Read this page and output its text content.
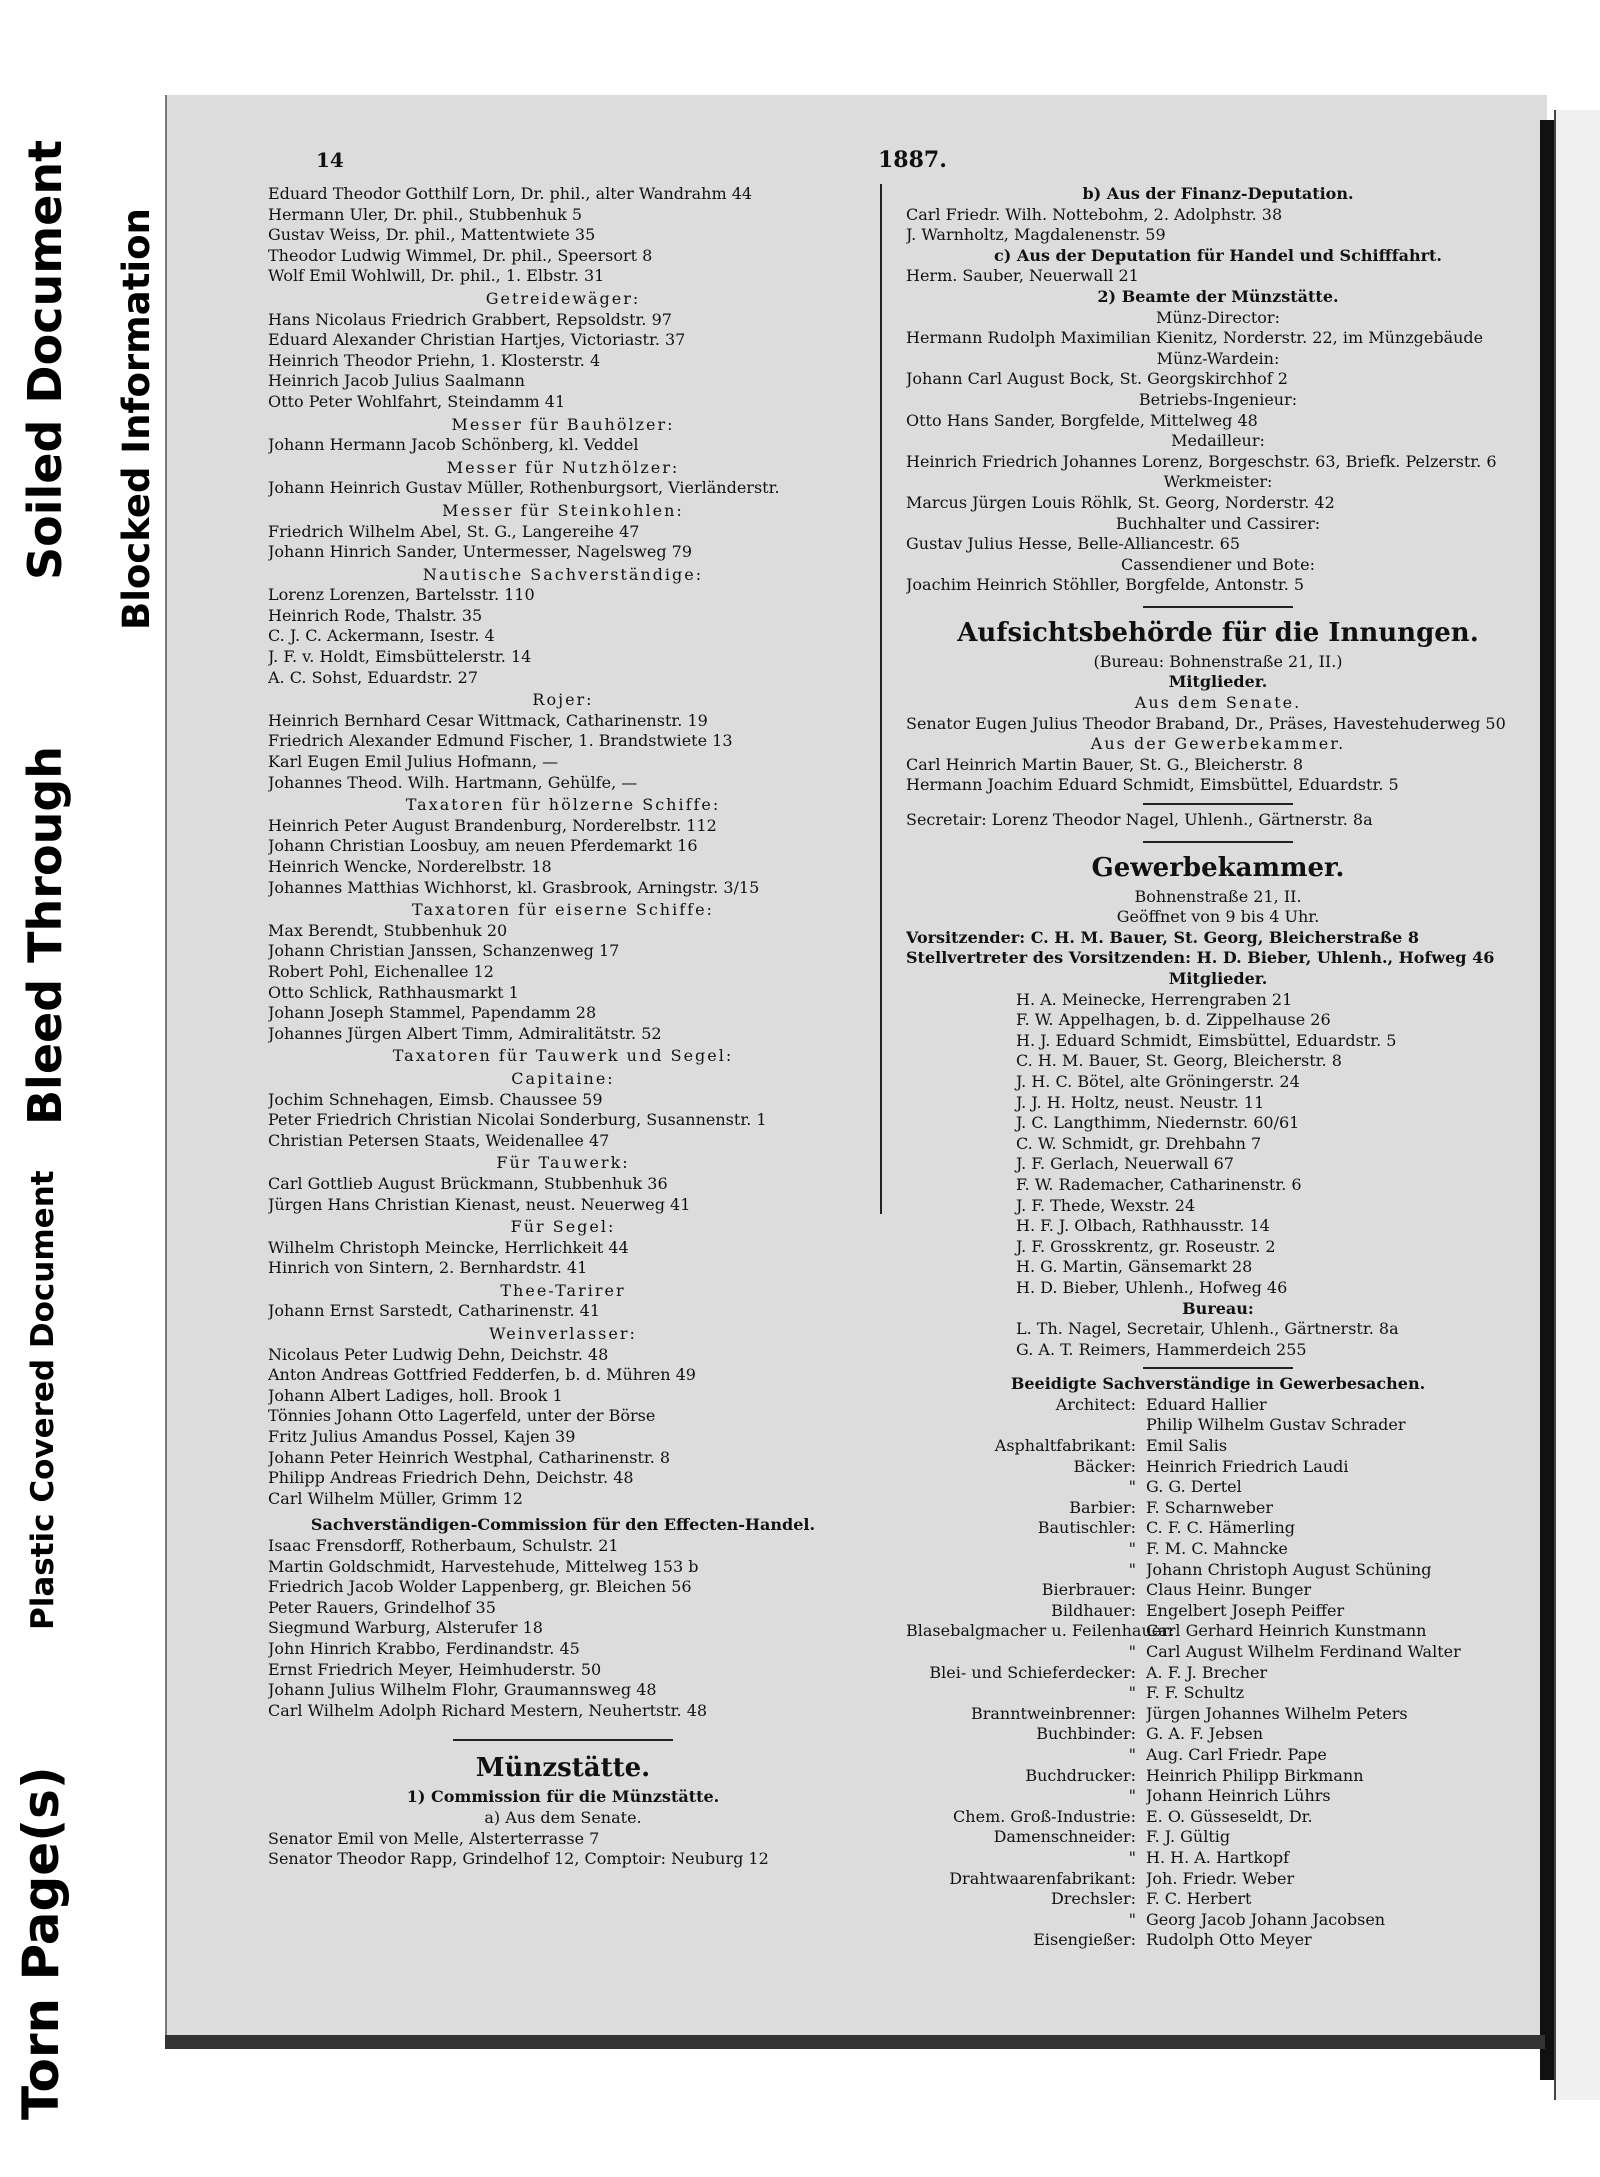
Torn Page(s)
Plastic Covered Document
Bleed Through
Soiled Document Blocked Information
14	1887.
Eduard Theodor Gotthilf Lorn, Dr. phil., alter Wandrahm 44
Hermann Uler, Dr. phil., Stubbenhuk 5
Gustav Weiss, Dr. phil., Mattentwiete 35
Theodor Ludwig Wimmel, Dr. phil., Speersort 8
Wolf Emil Wohlwill, Dr. phil., 1. Elbstr. 31
Getreidewäger:
Hans Nicolaus Friedrich Grabbert, Repsoldstr. 97
Eduard Alexander Christian Hartjes, Victoriastr. 37
Heinrich Theodor Priehn, 1. Klosterstr. 4
Heinrich Jacob Julius Saalmann
Otto Peter Wohlfahrt, Steindamm 41
Messer für Bauhölzer:
Johann Hermann Jacob Schönberg, kl. Veddel
Messer für Nutzhölzer:
Johann Heinrich Gustav Müller, Rothenburgsort, Vierländerstr.
Messer für Steinkohlen:
Friedrich Wilhelm Abel, St. G., Langereihe 47
Johann Hinrich Sander, Untermesser, Nagelsweg 79
Nautische Sachverständige:
Lorenz Lorenzen, Bartelsstr. 110
Heinrich Rode, Thalstr. 35
C. J. C. Ackermann, Isestr. 4
J. F. v. Holdt, Eimsbüttelerstr. 14
A. C. Sohst, Eduardstr. 27
Rojer:
Heinrich Bernhard Cesar Wittmack, Catharinenstr. 19
Friedrich Alexander Edmund Fischer, 1. Brandstwiete 13
Karl Eugen Emil Julius Hofmann, —
Johannes Theod. Wilh. Hartmann, Gehülfe, —
Taxatoren für hölzerne Schiffe:
Heinrich Peter August Brandenburg, Norderelbstr. 112
Johann Christian Loosbuy, am neuen Pferdemarkt 16
Heinrich Wencke, Norderelbstr. 18
Johannes Matthias Wichhorst, kl. Grasbrook, Arningstr. 3/15
Taxatoren für eiserne Schiffe:
Max Berendt, Stubbenhuk 20
Johann Christian Janssen, Schanzenweg 17
Robert Pohl, Eichenallee 12
Otto Schlick, Rathhausmarkt 1
Johann Joseph Stammel, Papendamm 28
Johannes Jürgen Albert Timm, Admiralitätstr. 52
Taxatoren für Tauwerk und Segel:
Capitaine:
Jochim Schnehagen, Eimsb. Chaussee 59
Peter Friedrich Christian Nicolai Sonderburg, Susannenstr. 1
Christian Petersen Staats, Weidenallee 47
Für Tauwerk:
Carl Gottlieb August Brückmann, Stubbenhuk 36
Jürgen Hans Christian Kienast, neust. Neuerweg 41
Für Segel:
Wilhelm Christoph Meincke, Herrlichkeit 44
Hinrich von Sintern, 2. Bernhardstr. 41
Thee-Tarirer
Johann Ernst Sarstedt, Catharinenstr. 41
Weinverlasser:
Nicolaus Peter Ludwig Dehn, Deichstr. 48
Anton Andreas Gottfried Fedderfen, b. d. Mühren 49
Johann Albert Ladiges, holl. Brook 1
Tönnies Johann Otto Lagerfeld, unter der Börse
Fritz Julius Amandus Possel, Kajen 39
Johann Peter Heinrich Westphal, Catharinenstr. 8
Philipp Andreas Friedrich Dehn, Deichstr. 48
Carl Wilhelm Müller, Grimm 12
Sachverständigen-Commission für den Effecten-Handel.
Isaac Frensdorff, Rotherbaum, Schulstr. 21
Martin Goldschmidt, Harvestehude, Mittelweg 153 b
Friedrich Jacob Wolder Lappenberg, gr. Bleichen 56
Peter Rauers, Grindelhof 35
Siegmund Warburg, Alsterufer 18
John Hinrich Krabbo, Ferdinandstr. 45
Ernst Friedrich Meyer, Heimhuderstr. 50
Johann Julius Wilhelm Flohr, Graumannsweg 48
Carl Wilhelm Adolph Richard Mestern, Neuhertstr. 48
Münzstätte.
1) Commission für die Münzstätte.
a) Aus dem Senate.
Senator Emil von Melle, Alsterterrasse 7
Senator Theodor Rapp, Grindelhof 12, Comptoir: Neuburg 12
b) Aus der Finanz-Deputation.
Carl Friedr. Wilh. Nottebohm, 2. Adolphstr. 38
J. Warnholtz, Magdalenenstr. 59
c) Aus der Deputation für Handel und Schifffahrt.
Herm. Sauber, Neuerwall 21
2) Beamte der Münzstätte.
Münz-Director:
Hermann Rudolph Maximilian Kienitz, Norderstr. 22, im Münzgebäude
Münz-Wardein:
Johann Carl August Bock, St. Georgskirchhof 2
Betriebs-Ingenieur:
Otto Hans Sander, Borgfelde, Mittelweg 48
Medailleur:
Heinrich Friedrich Johannes Lorenz, Borgeschstr. 63, Briefk. Pelzerstr. 6
Werkmeister:
Marcus Jürgen Louis Röhlk, St. Georg, Norderstr. 42
Buchhalter und Cassirer:
Gustav Julius Hesse, Belle-Alliancestr. 65
Cassendiener und Bote:
Joachim Heinrich Stöhller, Borgfelde, Antonstr. 5
Aufsichtsbehörde für die Innungen.
(Bureau: Bohnenstraße 21, II.)
Mitglieder.
Aus dem Senate.
Senator Eugen Julius Theodor Braband, Dr., Präses, Havestehuderweg 50
Aus der Gewerbekammer.
Carl Heinrich Martin Bauer, St. G., Bleicherstr. 8
Hermann Joachim Eduard Schmidt, Eimsbüttel, Eduardstr. 5
Secretair: Lorenz Theodor Nagel, Uhlenh., Gärtnerstr. 8a
Gewerbekammer.
Bohnenstraße 21, II.
Geöffnet von 9 bis 4 Uhr.
Vorsitzender: C. H. M. Bauer, St. Georg, Bleicherstraße 8
Stellvertreter des Vorsitzenden: H. D. Bieber, Uhlenh., Hofweg 46
Mitglieder.
H. A. Meinecke, Herrengraben 21
F. W. Appelhagen, b. d. Zippelhause 26
H. J. Eduard Schmidt, Eimsbüttel, Eduardstr. 5
C. H. M. Bauer, St. Georg, Bleicherstr. 8
J. H. C. Bötel, alte Gröningerstr. 24
J. J. H. Holtz, neust. Neustr. 11
J. C. Langthimm, Niedernstr. 60/61
C. W. Schmidt, gr. Drehbahn 7
J. F. Gerlach, Neuerwall 67
F. W. Rademacher, Catharinenstr. 6
J. F. Thede, Wexstr. 24
H. F. J. Olbach, Rathhausstr. 14
J. F. Grosskrentz, gr. Roseustr. 2
H. G. Martin, Gänsemarkt 28
H. D. Bieber, Uhlenh., Hofweg 46
Bureau:
L. Th. Nagel, Secretair, Uhlenh., Gärtnerstr. 8a
G. A. T. Reimers, Hammerdeich 255
Beeidigte Sachverständige in Gewerbesachen.
Architect: Eduard Hallier
Philip Wilhelm Gustav Schrader
Asphaltfabrikant: Emil Salis
Bäcker: Heinrich Friedrich Laudi
" G. G. Dertel
Barbier: F. Scharnweber
Bautischler: C. F. C. Hämerling
" F. M. C. Mahncke
" Johann Christoph August Schüning
Bierbrauer: Claus Heinr. Bunger
Bildhauer: Engelbert Joseph Peiffer
Blasebalgmacher u. Feilenhauer:
Carl Gerhard Heinrich Kunstmann
" Carl August Wilhelm Ferdinand Walter
Blei- und Schieferdecker: A. F. J. Brecher
" F. F. Schultz
Branntweinbrenner: Jürgen Johannes Wilhelm Peters
Buchbinder: G. A. F. Jebsen
" Aug. Carl Friedr. Pape
Buchdrucker: Heinrich Philipp Birkmann
" Johann Heinrich Lührs
Chem. Groß-Industrie: E. O. Güsseseldt, Dr.
Damenschneider: F. J. Gültig
" H. H. A. Hartkopf
Drahtwaarenfabrikant: Joh. Friedr. Weber
Drechsler: F. C. Herbert
" Georg Jacob Johann Jacobsen
Eisengießer: Rudolph Otto Meyer
